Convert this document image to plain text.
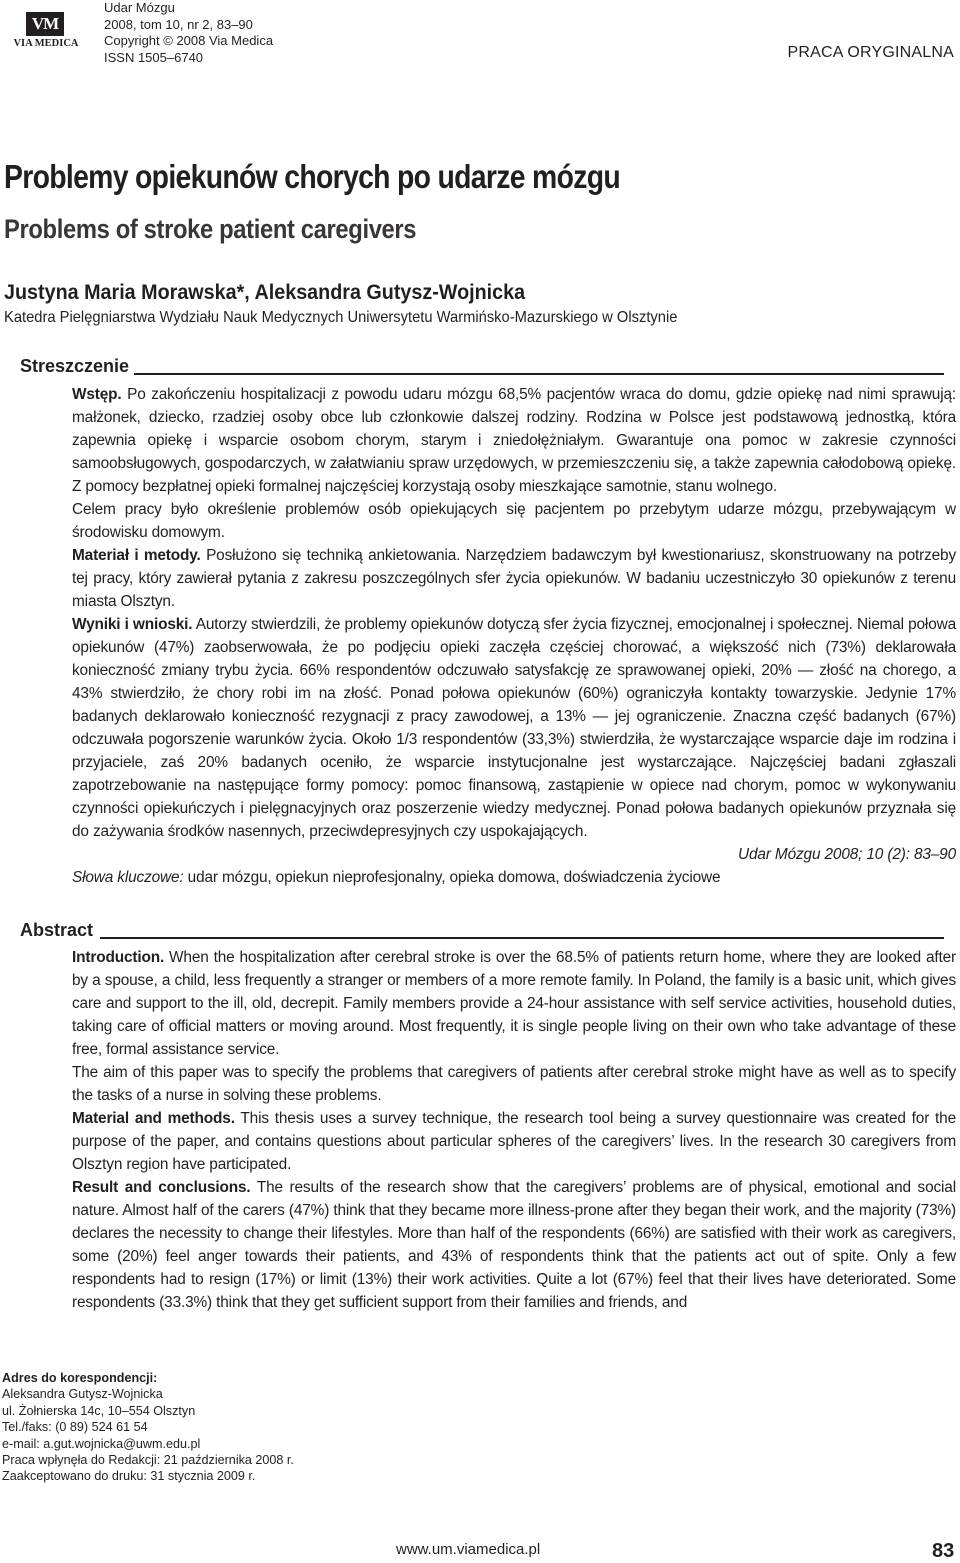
VM
VIA MEDICA
Udar Mózgu
2008, tom 10, nr 2, 83–90
Copyright © 2008 Via Medica
ISSN 1505–6740	PRACA ORYGINALNA
Problemy opiekunów chorych po udarze mózgu
Problems of stroke patient caregivers
Justyna Maria Morawska*, Aleksandra Gutysz-Wojnicka
Katedra Pielęgniarstwa Wydziału Nauk Medycznych Uniwersytetu Warmińsko-Mazurskiego w Olsztynie
Streszczenie

Wstęp. Po zakończeniu hospitalizacji z powodu udaru mózgu 68,5% pacjentów wraca do domu, gdzie opiekę nad nimi sprawują: małżonek, dziecko, rzadziej osoby obce lub członkowie dalszej rodziny. Rodzina w Polsce jest podstawową jednostką, która zapewnia opiekę i wsparcie osobom chorym, starym i zniedołężniałym. Gwarantuje ona pomoc w zakresie czynności samoobsługowych, gospodarczych, w załatwianiu spraw urzędowych, w przemieszczeniu się, a także zapewnia całodobową opiekę. Z pomocy bezpłatnej opieki formalnej najczęściej korzystają osoby mieszkające samotnie, stanu wolnego.

Celem pracy było określenie problemów osób opiekujących się pacjentem po przebytym udarze mózgu, przebywającym w środowisku domowym.

Materiał i metody. Posłużono się techniką ankietowania. Narzędziem badawczym był kwestionariusz, skonstruowany na potrzeby tej pracy, który zawierał pytania z zakresu poszczególnych sfer życia opiekunów. W badaniu uczestniczyło 30 opiekunów z terenu miasta Olsztyn.

Wyniki i wnioski. Autorzy stwierdzili, że problemy opiekunów dotyczą sfer życia fizycznej, emocjonalnej i społecznej. Niemal połowa opiekunów (47%) zaobserwowała, że po podjęciu opieki zaczęła częściej chorować, a większość nich (73%) deklarowała konieczność zmiany trybu życia. 66% respondentów odczuwało satysfakcję ze sprawowanej opieki, 20% — złość na chorego, a 43% stwierdziło, że chory robi im na złość. Ponad połowa opiekunów (60%) ograniczyła kontakty towarzyskie. Jedynie 17% badanych deklarowało konieczność rezygnacji z pracy zawodowej, a 13% — jej ograniczenie. Znaczna część badanych (67%) odczuwała pogorszenie warunków życia. Około 1/3 respondentów (33,3%) stwierdziła, że wystarczające wsparcie daje im rodzina i przyjaciele, zaś 20% badanych oceniło, że wsparcie instytucjonalne jest wystarczające. Najczęściej badani zgłaszali zapotrzebowanie na następujące formy pomocy: pomoc finansową, zastąpienie w opiece nad chorym, pomoc w wykonywaniu czynności opiekuńczych i pielęgnacyjnych oraz poszerzenie wiedzy medycznej. Ponad połowa badanych opiekunów przyznała się do zażywania środków nasennych, przeciwdepresyjnych czy uspokajających.

Udar Mózgu 2008; 10 (2): 83–90

Słowa kluczowe: udar mózgu, opiekun nieprofesjonalny, opieka domowa, doświadczenia życiowe

Abstract

Introduction. When the hospitalization after cerebral stroke is over the 68.5% of patients return home, where they are looked after by a spouse, a child, less frequently a stranger or members of a more remote family. In Poland, the family is a basic unit, which gives care and support to the ill, old, decrepit. Family members provide a 24-hour assistance with self service activities, household duties, taking care of official matters or moving around. Most frequently, it is single people living on their own who take advantage of these free, formal assistance service.

The aim of this paper was to specify the problems that caregivers of patients after cerebral stroke might have as well as to specify the tasks of a nurse in solving these problems.

Material and methods. This thesis uses a survey technique, the research tool being a survey questionnaire was created for the purpose of the paper, and contains questions about particular spheres of the caregivers’ lives. In the research 30 caregivers from Olsztyn region have participated.

Result and conclusions. The results of the research show that the caregivers’ problems are of physical, emotional and social nature. Almost half of the carers (47%) think that they became more illness-prone after they began their work, and the majority (73%) declares the necessity to change their lifestyles. More than half of the respondents (66%) are satisfied with their work as caregivers, some (20%) feel anger towards their patients, and 43% of respondents think that the patients act out of spite. Only a few respondents had to resign (17%) or limit (13%) their work activities. Quite a lot (67%) feel that their lives have deteriorated. Some respondents (33.3%) think that they get sufficient support from their families and friends, and

Adres do korespondencji:
Aleksandra Gutysz-Wojnicka
ul. Żołnierska 14c, 10–554 Olsztyn
Tel./faks: (0 89) 524 61 54
e-mail: a.gut.wojnicka@uwm.edu.pl
Praca wpłynęła do Redakcji: 21 października 2008 r.
Zaakceptowano do druku: 31 stycznia 2009 r.
www.um.viamedica.pl	83
